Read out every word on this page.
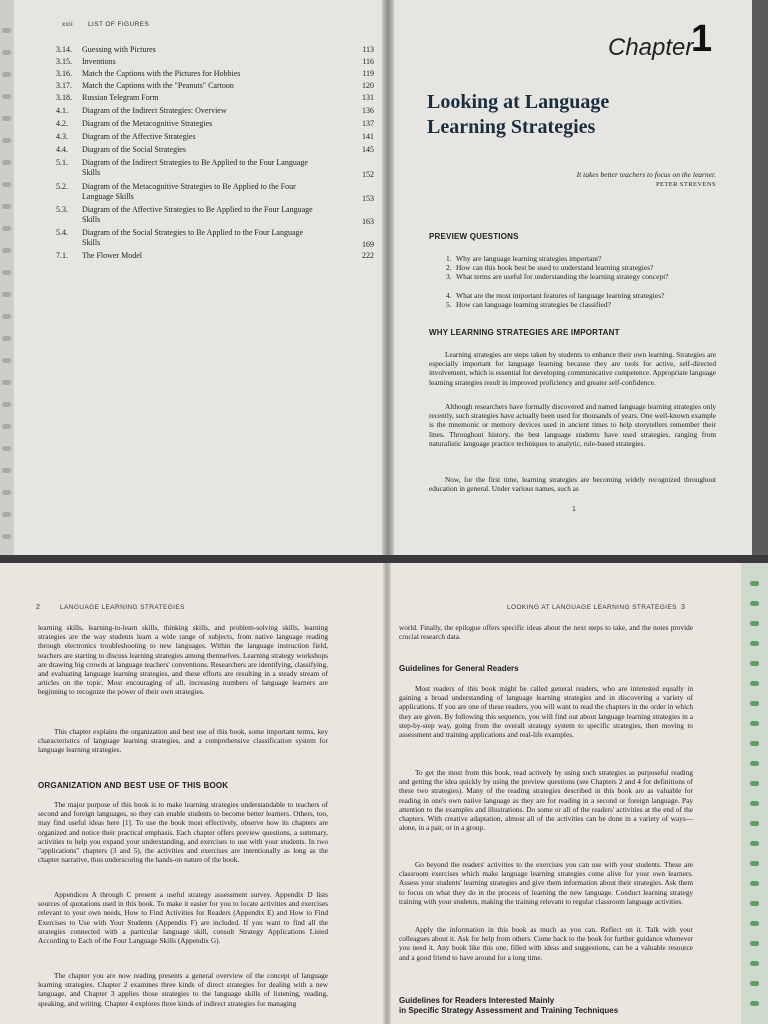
xxii LIST OF FIGURES
3.14. Guessing with Pictures	113
3.15. Inventions	116
3.16. Match the Captions with the Pictures for Hobbies	119
3.17. Match the Captions with the "Peanuts" Cartoon	120
3.18. Russian Telegram Form	131
4.1. Diagram of the Indirect Strategies: Overview	136
4.2. Diagram of the Metacognitive Strategies	137
4.3. Diagram of the Affective Strategies	141
4.4. Diagram of the Social Strategies	145
5.1. Diagram of the Indirect Strategies to Be Applied to the Four Language Skills	152
5.2. Diagram of the Metacognitive Strategies to Be Applied to the Four Language Skills	153
5.3. Diagram of the Affective Strategies to Be Applied to the Four Language Skills	163
5.4. Diagram of the Social Strategies to Be Applied to the Four Language Skills	169
7.1. The Flower Model	222
Chapter
1
Looking at Language
Learning Strategies
It takes better teachers to focus on the learner.
PETER STREVENS
PREVIEW QUESTIONS
1. Why are language learning strategies important?
2. How can this book best be used to understand learning strategies?
3. What terms are useful for understanding the learning strategy concept?
4. What are the most important features of language learning strategies?
5. How can language learning strategies be classified?
WHY LEARNING STRATEGIES ARE IMPORTANT

Learning strategies are steps taken by students to enhance their own learning. Strategies are especially important for language learning because they are tools for active, self-directed involvement, which is essential for developing communicative competence. Appropriate language learning strategies result in improved proficiency and greater self-confidence.

Although researchers have formally discovered and named language learning strategies only recently, such strategies have actually been used for thousands of years. One well-known example is the mnemonic or memory devices used in ancient times to help storytellers remember their lines. Throughout history, the best language students have used strategies, ranging from naturalistic language practice techniques to analytic, rule-based strategies.

Now, for the first time, learning strategies are becoming widely recognized throughout education in general. Under various names, such as

1
2	LANGUAGE LEARNING STRATEGIES

learning skills, learning-to-learn skills, thinking skills, and problem-solving skills, learning strategies are the way students learn a wide range of subjects, from native language reading through electronics troubleshooting to new languages. Within the language instruction field, teachers are starting to discuss learning strategies among themselves. Learning strategy workshops are drawing big crowds at language teachers' conventions. Researchers are identifying, classifying, and evaluating language learning strategies, and these efforts are resulting in a steady stream of articles on the topic. Most encouraging of all, increasing numbers of language learners are beginning to recognize the power of their own strategies.

This chapter explains the organization and best use of this book, some important terms, key characteristics of language learning strategies, and a comprehensive classification system for language learning strategies.

ORGANIZATION AND BEST USE OF THIS BOOK

The major purpose of this book is to make learning strategies understandable to teachers of second and foreign languages, so they can enable students to become better learners. Others, too, may find useful ideas here [1]. To use the book most effectively, observe how its chapters are organized and notice their practical emphasis. Each chapter offers preview questions, a summary, activities to help you expand your understanding, and exercises to use with your students. In two "applications" chapters (3 and 5), the activities and exercises are intentionally as long as the chapter narrative, thus underscoring the hands-on nature of the book.

Appendices A through C present a useful strategy assessment survey. Appendix D lists sources of quotations used in this book. To make it easier for you to locate activities and exercises relevant to your own needs, How to Find Activities for Readers (Appendix E) and How to Find Exercises to Use with Your Students (Appendix F) are included. If you want to find all the strategies connected with a particular language skill, consult Strategy Applications Listed According to Each of the Four Language Skills (Appendix G).

The chapter you are now reading presents a general overview of the concept of language learning strategies. Chapter 2 examines three kinds of direct strategies for dealing with a new language, and Chapter 3 applies those strategies to the language skills of listening, reading, speaking, and writing. Chapter 4 explores three kinds of indirect strategies for managing

LOOKING AT LANGUAGE LEARNING STRATEGIES 3

world. Finally, the epilogue offers specific ideas about the next steps to take, and the notes provide crucial research data.

Guidelines for General Readers

Most readers of this book might be called general readers, who are interested equally in gaining a broad understanding of language learning strategies and in discovering a variety of applications. If you are one of these readers, you will want to read the chapters in the order in which they are given. By following this sequence, you will find out about language learning strategies in a step-by-step way, going from the overall strategy system to specific strategies, then moving to assessment and training applications and real-life examples.

To get the most from this book, read actively by using such strategies as purposeful reading and getting the idea quickly by using the preview questions (see Chapters 2 and 4 for definitions of these two strategies). Many of the reading strategies described in this book are as valuable for reading in one's own native language as they are for reading in a second or foreign language. Pay attention to the examples and illustrations. Do some or all of the readers' activities at the end of the chapters. With creative adaptation, almost all of the activities can be done in a variety of ways—alone, in a pair, or in a group.

Go beyond the readers' activities to the exercises you can use with your students. These are classroom exercises which make language learning strategies come alive for your own learners. Assess your students' learning strategies and give them information about their strategies. Ask them to focus on what they do in the process of learning the new language. Conduct learning strategy training with your students, making the training relevant to regular classroom language activities.

Apply the information in this book as much as you can. Reflect on it. Talk with your colleagues about it. Ask for help from others. Come back to the book for further guidance whenever you need it. Any book like this one, filled with ideas and suggestions, can be a valuable resource and a good friend to have around for a long time.

Guidelines for Readers Interested Mainly
in Specific Strategy Assessment and Training Techniques
